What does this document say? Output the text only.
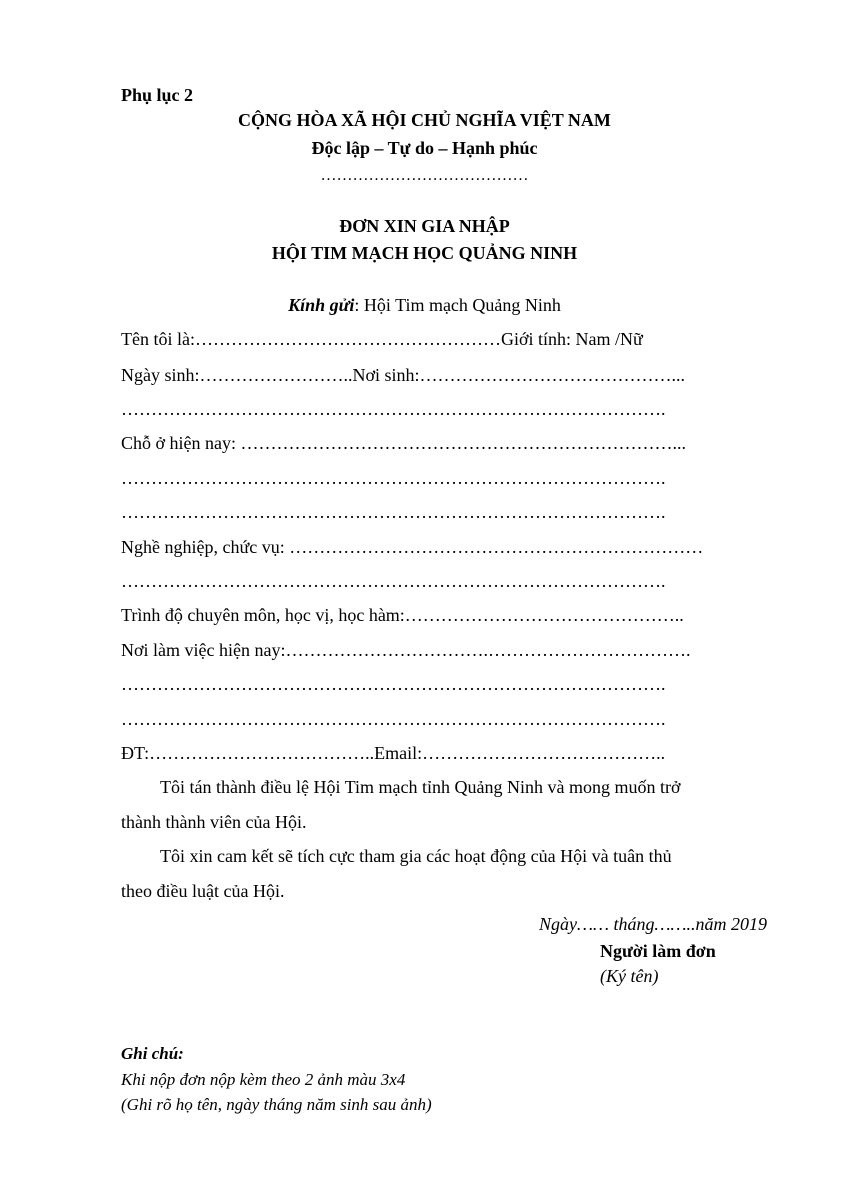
Phụ lục 2
CỘNG HÒA XÃ HỘI CHỦ NGHĨA VIỆT NAM
Độc lập – Tự do – Hạnh phúc
…………………………………
ĐƠN XIN GIA NHẬP
HỘI TIM MẠCH HỌC QUẢNG NINH
Kính gửi: Hội Tim mạch Quảng Ninh
Tên tôi là:……………………………………………Giới tính: Nam /Nữ
Ngày sinh:……………………..Nơi sinh:……………………………………...
……………………………………………………………………………….
Chỗ ở hiện nay: ………………………………………………………………...
……………………………………………………………………………….
……………………………………………………………………………….
Nghề nghiệp, chức vụ: ……………………………………………………………
……………………………………………………………………………….
Trình độ chuyên môn, học vị, học hàm:………………………………………..
Nơi làm việc hiện nay:…………………………….…………………………….
……………………………………………………………………………….
……………………………………………………………………………….
ĐT:………………………………..Email:…………………………………..
Tôi tán thành điều lệ Hội Tim mạch tỉnh Quảng Ninh và mong muốn trở
thành thành viên của Hội.
Tôi xin cam kết sẽ tích cực tham gia các hoạt động của Hội và tuân thủ
theo điều luật của Hội.
Ngày…… tháng……..năm 2019
Người làm đơn
(Ký tên)
Ghi chú:
Khi nộp đơn nộp kèm theo 2 ảnh màu 3x4
(Ghi rõ họ tên, ngày tháng năm sinh sau ảnh)
